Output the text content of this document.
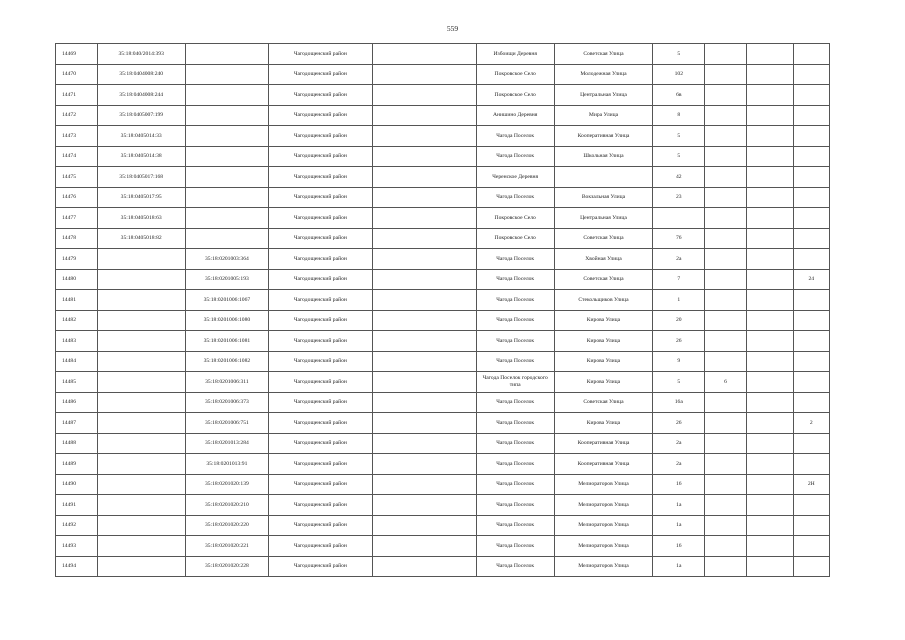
559
14469	35:18:040/2014:393		Чагодощенский район		Избоищи Деревня	Советская Улица	5			
14470	35:18:0404008:240		Чагодощенский район		Покровское Село	Молодежная Улица	102			
14471	35:18:0404008:244		Чагодощенский район		Покровское Село	Центральная Улица	6в			
14472	35:18:0405007:199		Чагодощенский район		Анишино Деревня	Мира Улица	8			
14473	35:18:0405014:33		Чагодощенский район		Чагода Поселок	Кооперативная Улица	5			
14474	35:18:0405014:38		Чагодощенский район		Чагода Поселок	Школьная Улица	5			
14475	35:18:0405017:168		Чагодощенский район		Черенское Деревня		42			
14476	35:18:0405017:95		Чагодощенский район		Чагода Поселок	Вокзальная Улица	23			
14477	35:18:0405018:63		Чагодощенский район		Покровское Село	Центральная Улица				
14478	35:18:0405018:82		Чагодощенский район		Покровское Село	Советская Улица	76			
14479		35:18:0201003:364	Чагодощенский район		Чагода Поселок	Хвойная Улица	2а			
14480		35:18:0201005:193	Чагодощенский район		Чагода Поселок	Советская Улица	7			24
14481		35:18:0201006:1067	Чагодощенский район		Чагода Поселок	Стекольщиков Улица	1			
14482		35:18:0201006:1080	Чагодощенский район		Чагода Поселок	Кирова Улица	20			
14483		35:18:0201006:1081	Чагодощенский район		Чагода Поселок	Кирова Улица	26			
14484		35:18:0201006:1082	Чагодощенский район		Чагода Поселок	Кирова Улица	9			
14485		35:18:0201006:311	Чагодощенский район		Чагода Поселок городского типа	Кирова Улица	5	6		
14486		35:18:0201006:373	Чагодощенский район		Чагода Поселок	Советская Улица	16а			
14487		35:18:0201006:751	Чагодощенский район		Чагода Поселок	Кирова Улица	26			2
14488		35:18:0201013:284	Чагодощенский район		Чагода Поселок	Кооперативная Улица	2а			
14489		35:18:0201013:91	Чагодощенский район		Чагода Поселок	Кооперативная Улица	2а			
14490		35:18:0201020:139	Чагодощенский район		Чагода Поселок	Мелиораторов Улица	16			2Н
14491		35:18:0201020:210	Чагодощенский район		Чагода Поселок	Мелиораторов Улица	1а			
14492		35:18:0201020:220	Чагодощенский район		Чагода Поселок	Мелиораторов Улица	1а			
14493		35:18:0201020:221	Чагодощенский район		Чагода Поселок	Мелиораторов Улица	16			
14494		35:18:0201020:228	Чагодощенский район		Чагода Поселок	Мелиораторов Улица	1а			
